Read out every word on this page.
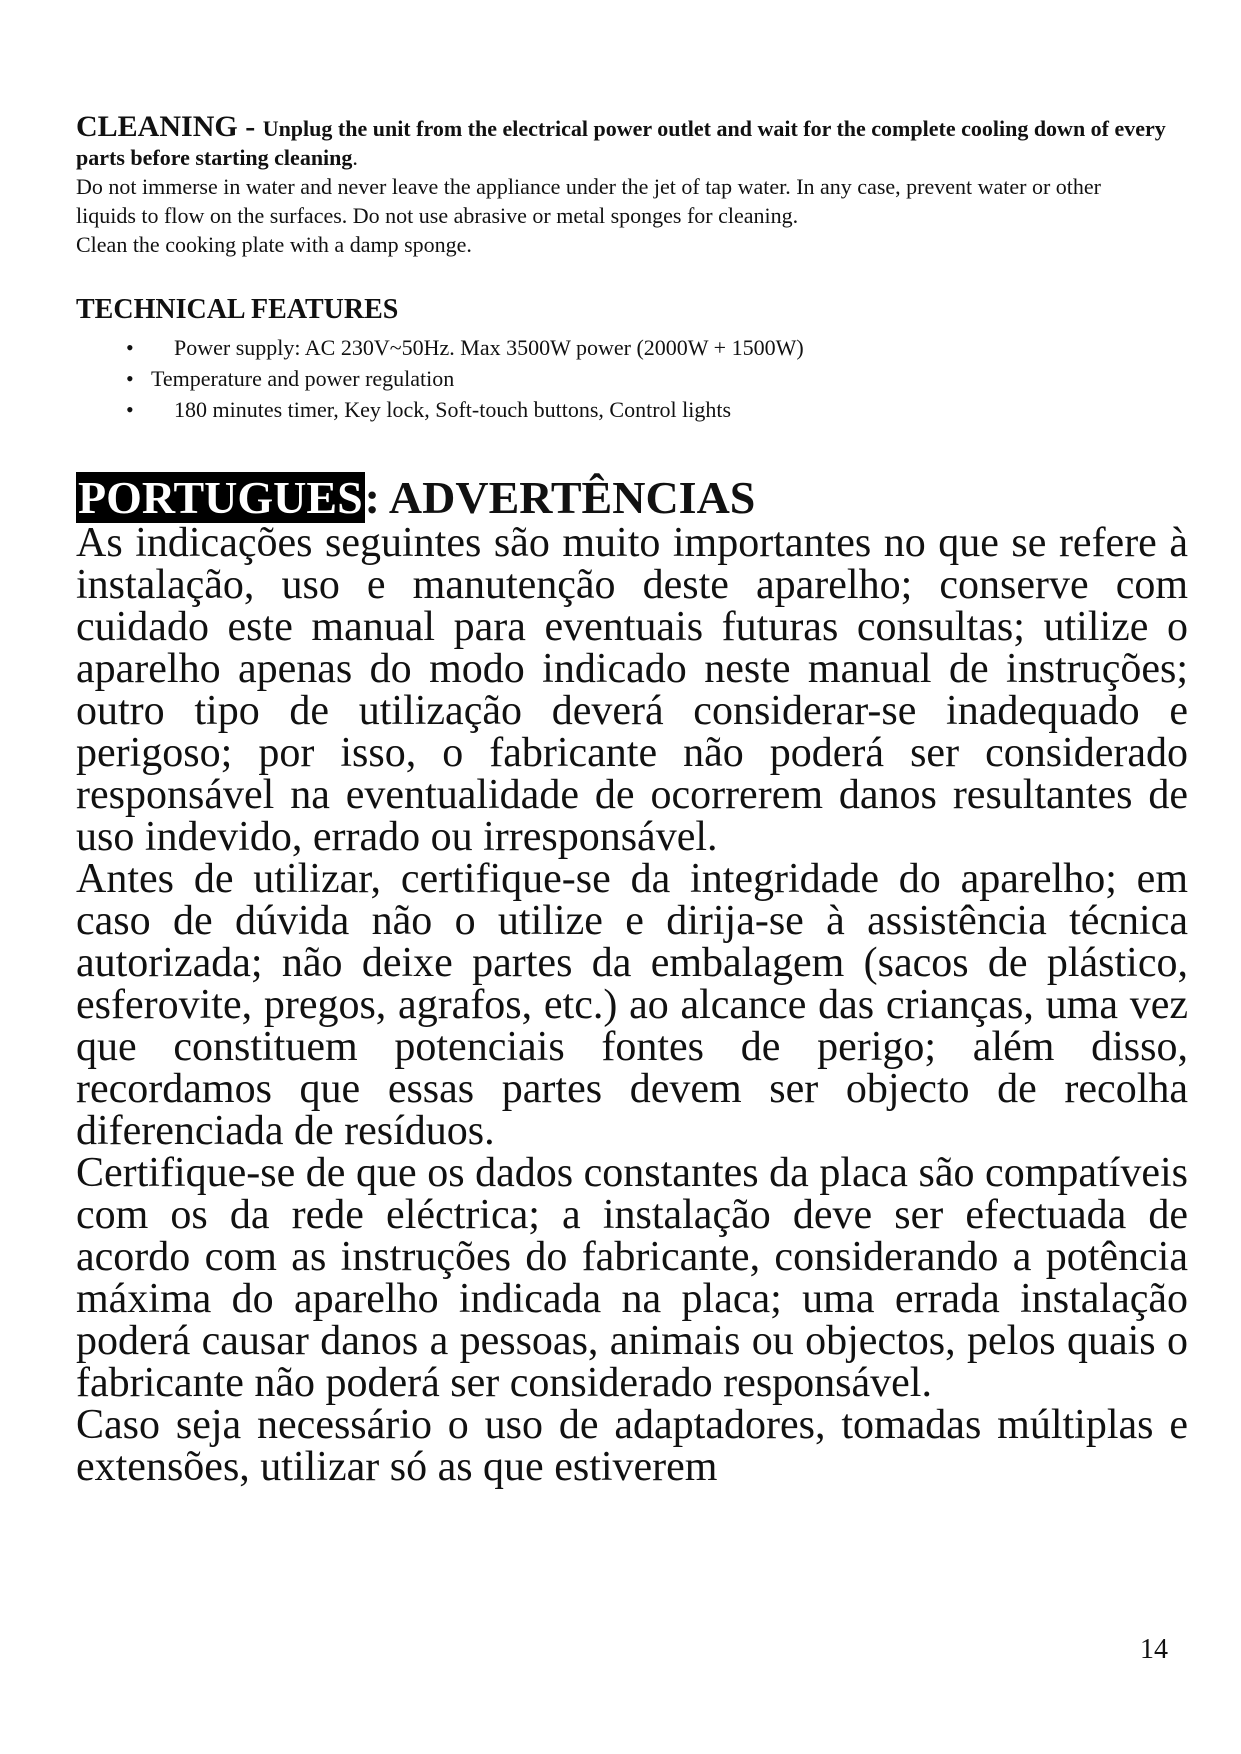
CLEANING - Unplug the unit from the electrical power outlet and wait for the complete cooling down of every parts before starting cleaning.

Do not immerse in water and never leave the appliance under the jet of tap water. In any case, prevent water or other liquids to flow on the surfaces. Do not use abrasive or metal sponges for cleaning.

Clean the cooking plate with a damp sponge.

TECHNICAL FEATURES
• Power supply: AC 230V~50Hz. Max 3500W power (2000W + 1500W)
• Temperature and power regulation
• 180 minutes timer, Key lock, Soft-touch buttons, Control lights
PORTUGUES: ADVERTÊNCIAS

As indicações seguintes são muito importantes no que se refere à instalação, uso e manutenção deste aparelho; conserve com cuidado este manual para eventuais futuras consultas; utilize o aparelho apenas do modo indicado neste manual de instruções; outro tipo de utilização deverá considerar-se inadequado e perigoso; por isso, o fabricante não poderá ser considerado responsável na eventualidade de ocorrerem danos resultantes de uso indevido, errado ou irresponsável.

Antes de utilizar, certifique-se da integridade do aparelho; em caso de dúvida não o utilize e dirija-se à assistência técnica autorizada; não deixe partes da embalagem (sacos de plástico, esferovite, pregos, agrafos, etc.) ao alcance das crianças, uma vez que constituem potenciais fontes de perigo; além disso, recordamos que essas partes devem ser objecto de recolha diferenciada de resíduos.

Certifique-se de que os dados constantes da placa são compatíveis com os da rede eléctrica; a instalação deve ser efectuada de acordo com as instruções do fabricante, considerando a potência máxima do aparelho indicada na placa; uma errada instalação poderá causar danos a pessoas, animais ou objectos, pelos quais o fabricante não poderá ser considerado responsável.

Caso seja necessário o uso de adaptadores, tomadas múltiplas e extensões, utilizar só as que estiverem

14
